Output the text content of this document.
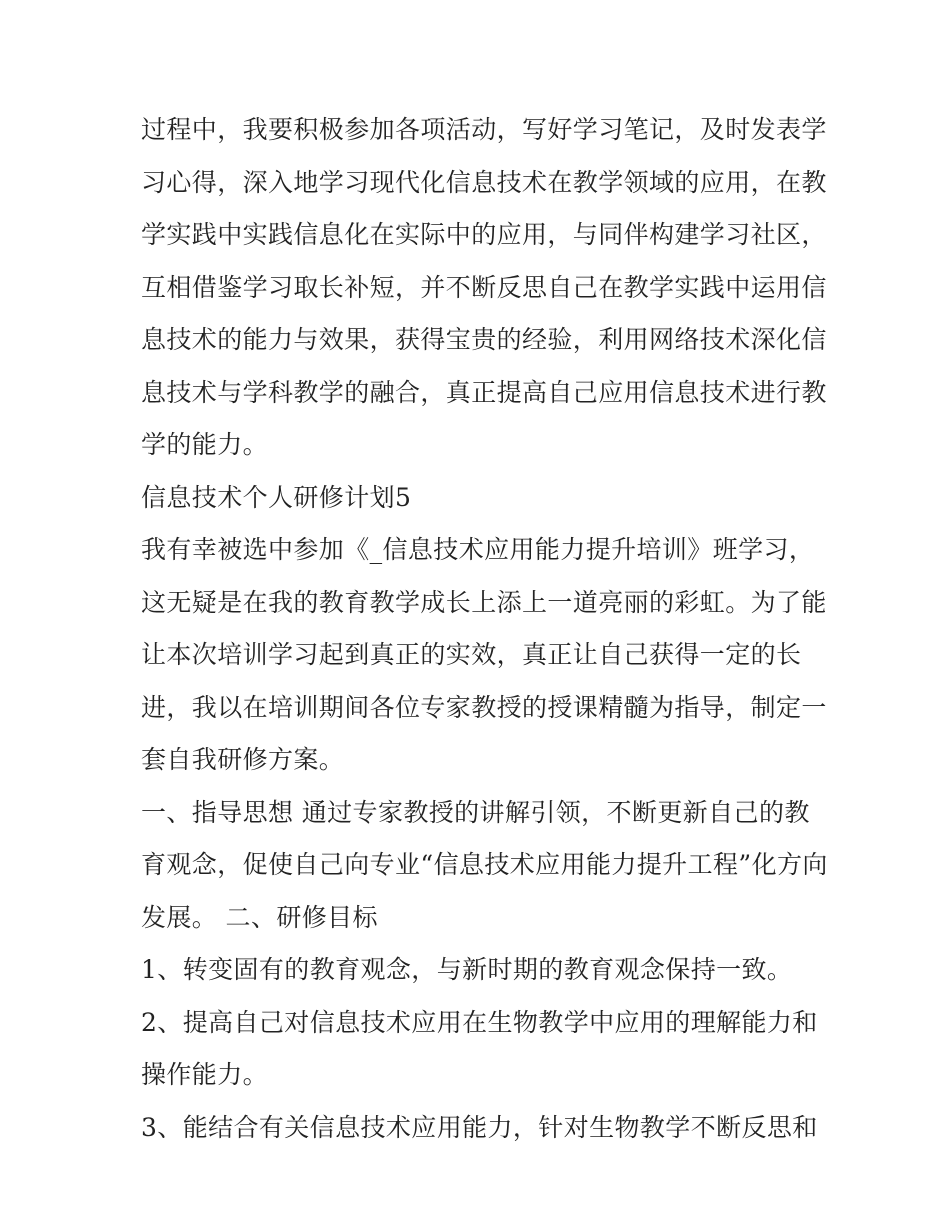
过程中，我要积极参加各项活动，写好学习笔记，及时发表学
习心得，深入地学习现代化信息技术在教学领域的应用，在教
学实践中实践信息化在实际中的应用，与同伴构建学习社区，
互相借鉴学习取长补短，并不断反思自己在教学实践中运用信
息技术的能力与效果，获得宝贵的经验，利用网络技术深化信
息技术与学科教学的融合，真正提高自己应用信息技术进行教
学的能力。
信息技术个人研修计划5
我有幸被选中参加《_信息技术应用能力提升培训》班学习，
这无疑是在我的教育教学成长上添上一道亮丽的彩虹。为了能
让本次培训学习起到真正的实效，真正让自己获得一定的长
进，我以在培训期间各位专家教授的授课精髓为指导，制定一
套自我研修方案。
一、指导思想 通过专家教授的讲解引领，不断更新自己的教
育观念，促使自己向专业“信息技术应用能力提升工程”化方向
发展。 二、研修目标
1、转变固有的教育观念，与新时期的教育观念保持一致。
2、提高自己对信息技术应用在生物教学中应用的理解能力和
操作能力。
3、能结合有关信息技术应用能力，针对生物教学不断反思和
